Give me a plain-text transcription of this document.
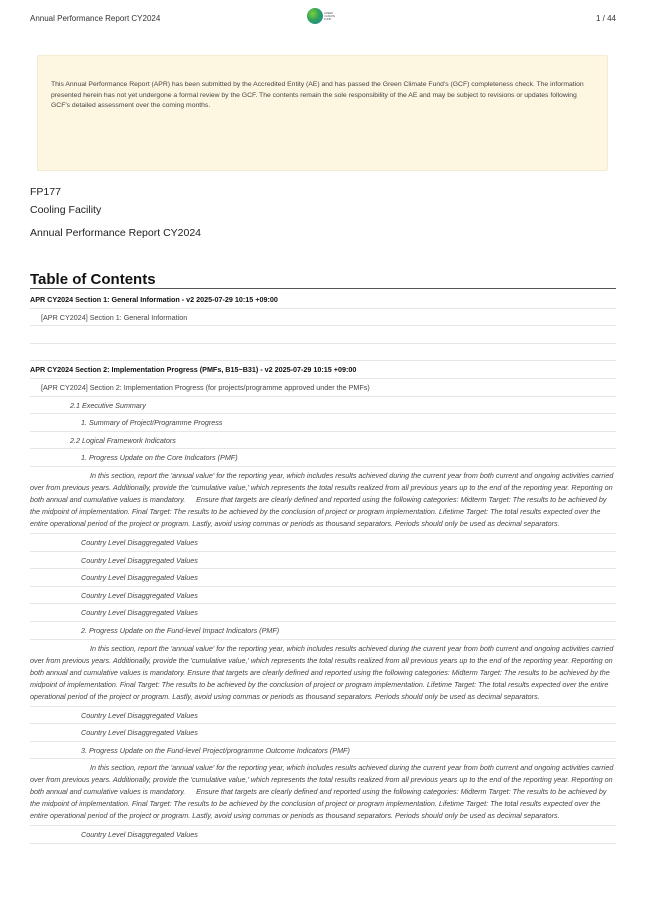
Annual Performance Report CY2024
GREEN
CLIMATE
FUND	1 / 44

This Annual Performance Report (APR) has been submitted by the Accredited Entity (AE) and has passed the Green Climate Fund's (GCF) completeness check. The information presented herein has not yet undergone a formal review by the GCF. The contents remain the sole responsibility of the AE and may be subject to revisions or updates following GCF's detailed assessment over the coming months.

FP177
Cooling Facility
Annual Performance Report CY2024
Table of Contents
APR CY2024 Section 1: General Information - v2 2025-07-29 10:15 +09:00
[APR CY2024] Section 1: General Information
APR CY2024 Section 2: Implementation Progress (PMFs, B15~B31) - v2 2025-07-29 10:15 +09:00
[APR CY2024] Section 2: Implementation Progress (for projects/programme approved under the PMFs)
2.1 Executive Summary
1. Summary of Project/Programme Progress
2.2 Logical Framework Indicators
1. Progress Update on the Core Indicators (PMF)
In this section, report the 'annual value' for the reporting year, which includes results achieved during the current year from both current and ongoing activities carried over from previous years. Additionally, provide the 'cumulative value,' which represents the total results realized from all previous years up to the end of the reporting year. Reporting on both annual and cumulative values is mandatory.  Ensure that targets are clearly defined and reported using the following categories: Midterm Target: The results to be achieved by the midpoint of implementation. Final Target: The results to be achieved by the conclusion of project or program implementation. Lifetime Target: The total results expected over the entire operational period of the project or program. Lastly, avoid using commas or periods as thousand separators. Periods should only be used as decimal separators.
Country Level Disaggregated Values
Country Level Disaggregated Values
Country Level Disaggregated Values
Country Level Disaggregated Values
Country Level Disaggregated Values
2. Progress Update on the Fund-level Impact Indicators (PMF)
In this section, report the 'annual value' for the reporting year, which includes results achieved during the current year from both current and ongoing activities carried over from previous years. Additionally, provide the 'cumulative value,' which represents the total results realized from all previous years up to the end of the reporting year. Reporting on both annual and cumulative values is mandatory. Ensure that targets are clearly defined and reported using the following categories: Midterm Target: The results to be achieved by the midpoint of implementation. Final Target: The results to be achieved by the conclusion of project or program implementation. Lifetime Target: The total results expected over the entire operational period of the project or program. Lastly, avoid using commas or periods as thousand separators. Periods should only be used as decimal separators.
Country Level Disaggregated Values
Country Level Disaggregated Values
3. Progress Update on the Fund-level Project/programme Outcome Indicators (PMF)
In this section, report the 'annual value' for the reporting year, which includes results achieved during the current year from both current and ongoing activities carried over from previous years. Additionally, provide the 'cumulative value,' which represents the total results realized from all previous years up to the end of the reporting year. Reporting on both annual and cumulative values is mandatory.  Ensure that targets are clearly defined and reported using the following categories: Midterm Target: The results to be achieved by the midpoint of implementation. Final Target: The results to be achieved by the conclusion of project or program implementation. Lifetime Target: The total results expected over the entire operational period of the project or program. Lastly, avoid using commas or periods as thousand separators. Periods should only be used as decimal separators.
Country Level Disaggregated Values
